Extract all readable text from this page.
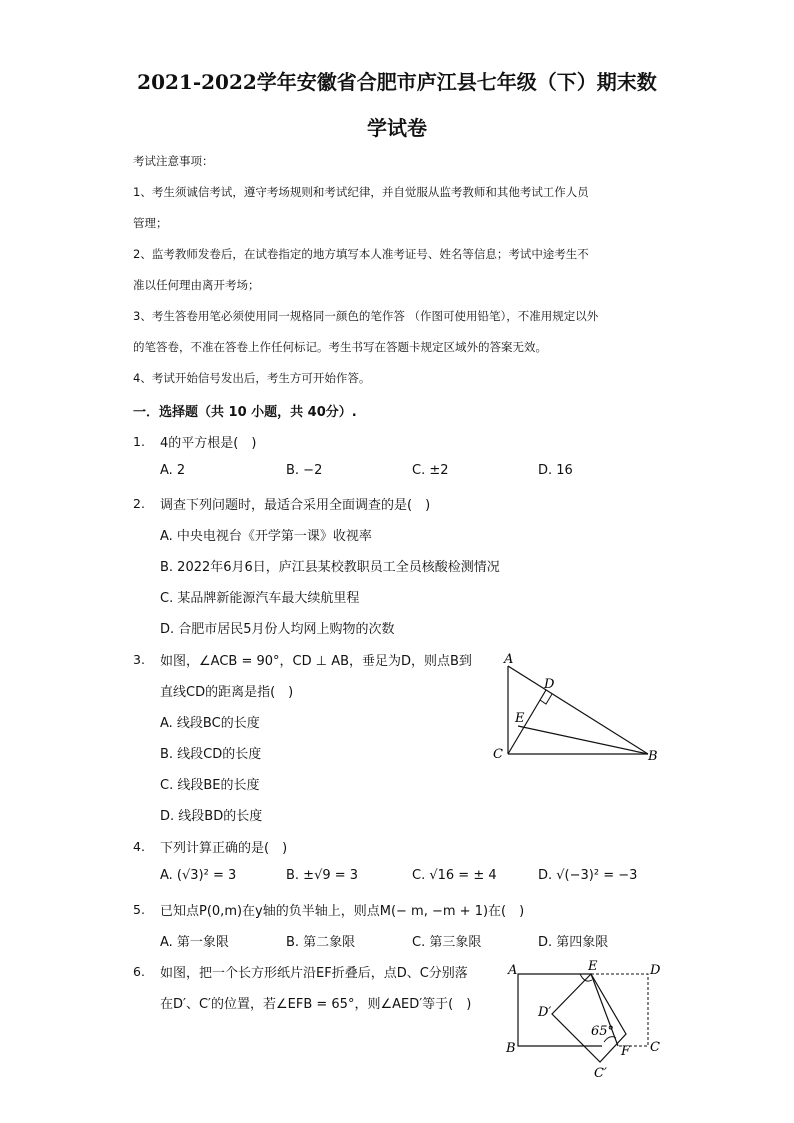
2021-2022学年安徽省合肥市庐江县七年级（下）期末数
学试卷
考试注意事项：
1、考生须诚信考试，遵守考场规则和考试纪律，并自觉服从监考教师和其他考试工作人员
管理；
2、监考教师发卷后，在试卷指定的地方填写本人准考证号、姓名等信息；考试中途考生不
准以任何理由离开考场；
3、考生答卷用笔必须使用同一规格同一颜色的笔作答 （作图可使用铅笔），不准用规定以外
的笔答卷，不准在答卷上作任何标记。考生书写在答题卡规定区域外的答案无效。
4、考试开始信号发出后，考生方可开始作答。
一．选择题（共 10 小题，共 40分）.
1. 4的平方根是(　)
A. 2	B. −2	C. ±2	D. 16
2. 调查下列问题时，最适合采用全面调查的是(　)
A. 中央电视台《开学第一课》收视率
B. 2022年6月6日，庐江县某校教职员工全员核酸检测情况
C. 某品牌新能源汽车最大续航里程
D. 合肥市居民5月份人均网上购物的次数
3. 如图，∠ACB = 90°，CD ⊥ AB，垂足为D，则点B到
直线CD的距离是指(　)
A. 线段BC的长度
B. 线段CD的长度
C. 线段BE的长度
D. 线段BD的长度
A
D
E
C	B
4. 下列计算正确的是(　)
A. (√3)² = 3	B. ±√9 = 3	C. √16 = ± 4	D. √(−3)² = −3
5. 已知点P(0,m)在y轴的负半轴上，则点M(− m, −m + 1)在(　)
A. 第一象限	B. 第二象限	C. 第三象限	D. 第四象限
6. 如图，把一个长方形纸片沿EF折叠后，点D、C分别落
在D′、C′的位置，若∠EFB = 65°，则∠AED′等于(　)
A	E	D
D′
65°
B	F C
C′
